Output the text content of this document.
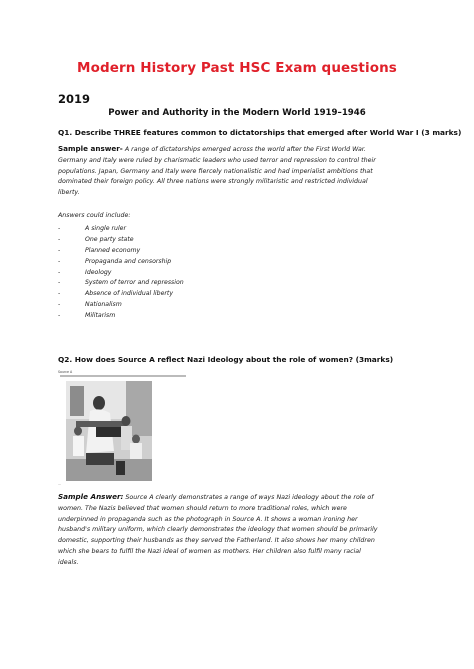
Modern History Past HSC Exam questions
2019
Power and Authority in the Modern World 1919–1946
Q1. Describe THREE features common to dictatorships that emerged after World War I (3 marks)
Sample answer- A range of dictatorships emerged across the world after the First World War.
Germany and Italy were ruled by charismatic leaders who used terror and repression to control their
populations. Japan, Germany and Italy were fiercely nationalistic and had imperialist ambitions that
dominated their foreign policy. All three nations were strongly militaristic and restricted individual
liberty.
Answers could include:
-	A single ruler
-	One party state
-	Planned economy
-	Propaganda and censorship
-	Ideology
-	System of terror and repression
-	Absence of individual liberty
-	Nationalism
-	Militarism
Q2. How does Source A reflect Nazi Ideology about the role of women? (3marks)
Source A
—
Sample Answer: Source A clearly demonstrates a range of ways Nazi ideology about the role of
women. The Nazis believed that women should return to more traditional roles, which were
underpinned in propaganda such as the photograph in Source A. It shows a woman ironing her
husband's military uniform, which clearly demonstrates the ideology that women should be primarily
domestic, supporting their husbands as they served the Fatherland. It also shows her many children
which she bears to fulfil the Nazi ideal of women as mothers. Her children also fulfil many racial
ideals.
